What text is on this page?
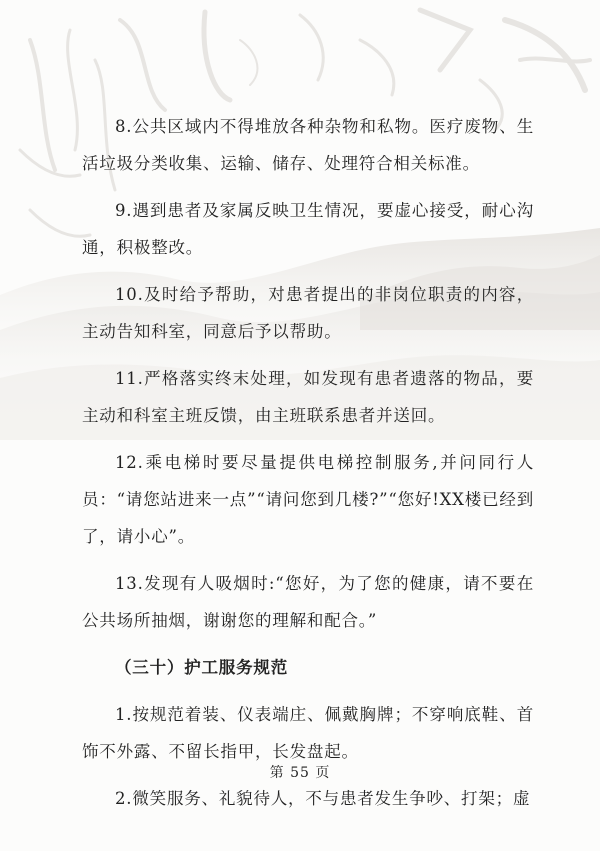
8.公共区域内不得堆放各种杂物和私物。医疗废物、生活垃圾分类收集、运输、储存、处理符合相关标准。

9.遇到患者及家属反映卫生情况，要虚心接受，耐心沟通，积极整改。

10.及时给予帮助，对患者提出的非岗位职责的内容，主动告知科室，同意后予以帮助。

11.严格落实终末处理，如发现有患者遗落的物品，要主动和科室主班反馈，由主班联系患者并送回。

12.乘电梯时要尽量提供电梯控制服务,并问同行人员：“请您站进来一点”“请问您到几楼?”“您好!XX楼已经到了，请小心”。

13.发现有人吸烟时:“您好，为了您的健康，请不要在公共场所抽烟，谢谢您的理解和配合。”

（三十）护工服务规范

1.按规范着装、仪表端庄、佩戴胸牌；不穿响底鞋、首饰不外露、不留长指甲，长发盘起。

2.微笑服务、礼貌待人，不与患者发生争吵、打架；虚

第 55 页
